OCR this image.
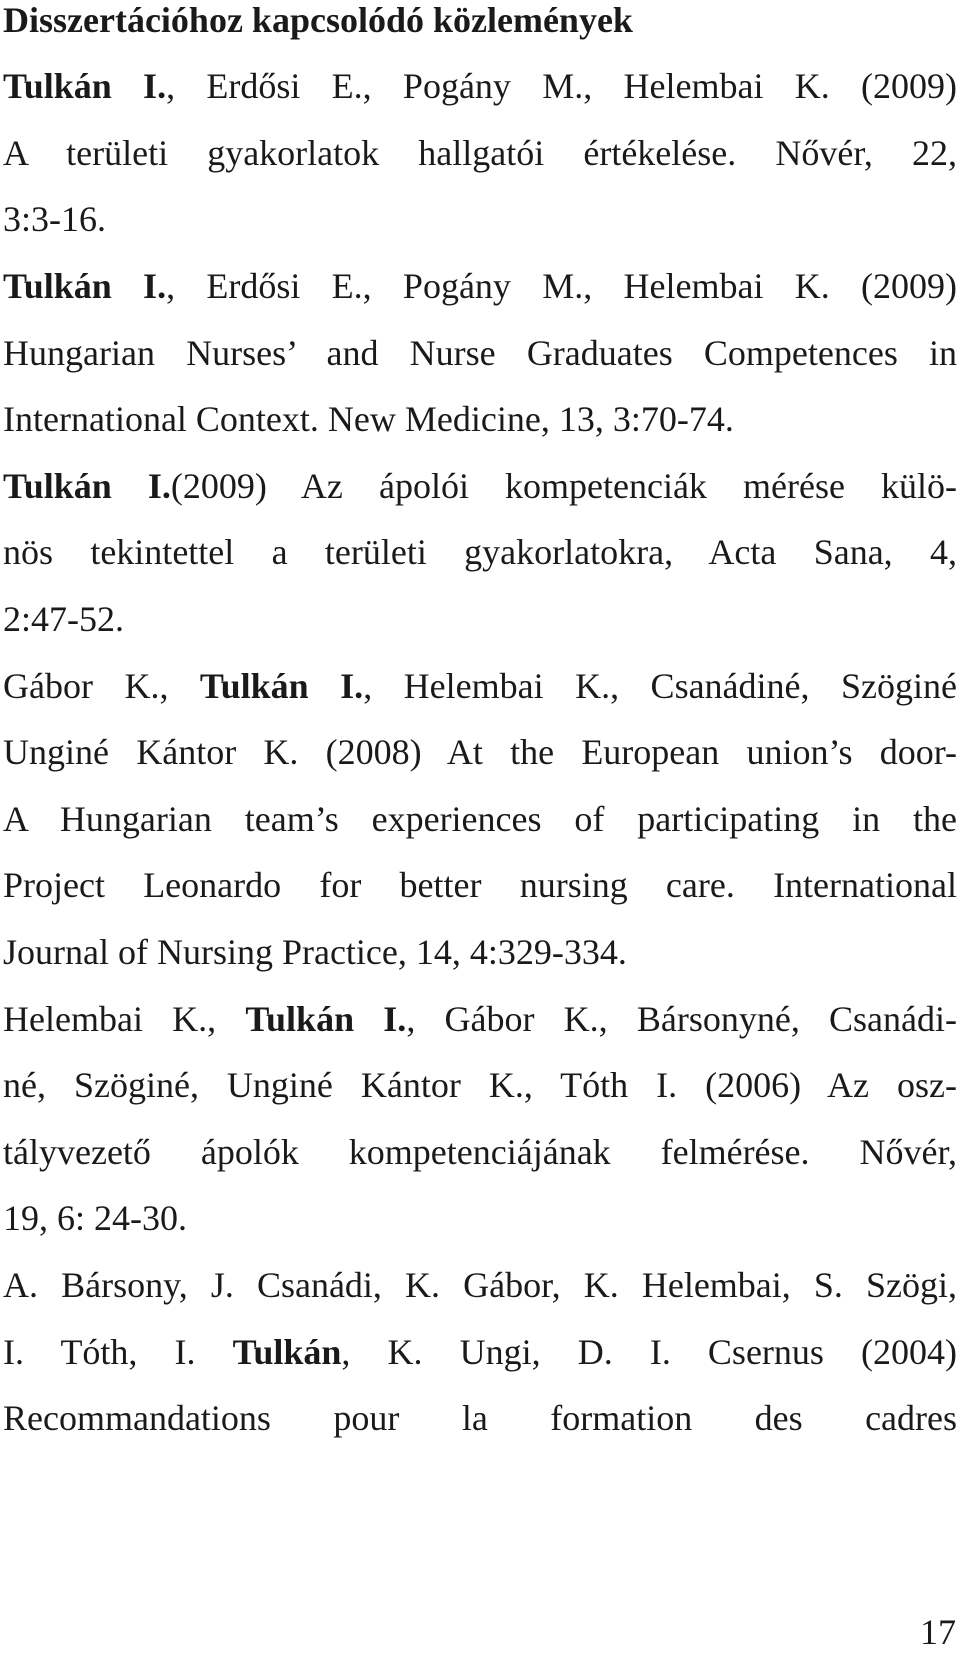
Disszertációhoz kapcsolódó közlemények
Tulkán I., Erdősi E., Pogány M., Helembai K. (2009)
A területi gyakorlatok hallgatói értékelése. Nővér, 22,
3:3-16.
Tulkán I., Erdősi E., Pogány M., Helembai K. (2009)
Hungarian Nurses’ and Nurse Graduates Competences in
International Context. New Medicine, 13, 3:70-74.
Tulkán I.(2009) Az ápolói kompetenciák mérése külö-
nös tekintettel a területi gyakorlatokra, Acta Sana, 4,
2:47-52.
Gábor K., Tulkán I., Helembai K., Csanádiné, Szöginé
Unginé Kántor K. (2008) At the European union’s door-
A Hungarian team’s experiences of participating in the
Project Leonardo for better nursing care. International
Journal of Nursing Practice, 14, 4:329-334.
Helembai K., Tulkán I., Gábor K., Bársonyné, Csanádi-
né, Szöginé, Unginé Kántor K., Tóth I. (2006) Az osz-
tályvezető ápolók kompetenciájának felmérése. Nővér,
19, 6: 24-30.
A. Bársony, J. Csanádi, K. Gábor, K. Helembai, S. Szögi,
I. Tóth, I. Tulkán, K. Ungi, D. I. Csernus (2004)
Recommandations pour la formation des cadres
17
